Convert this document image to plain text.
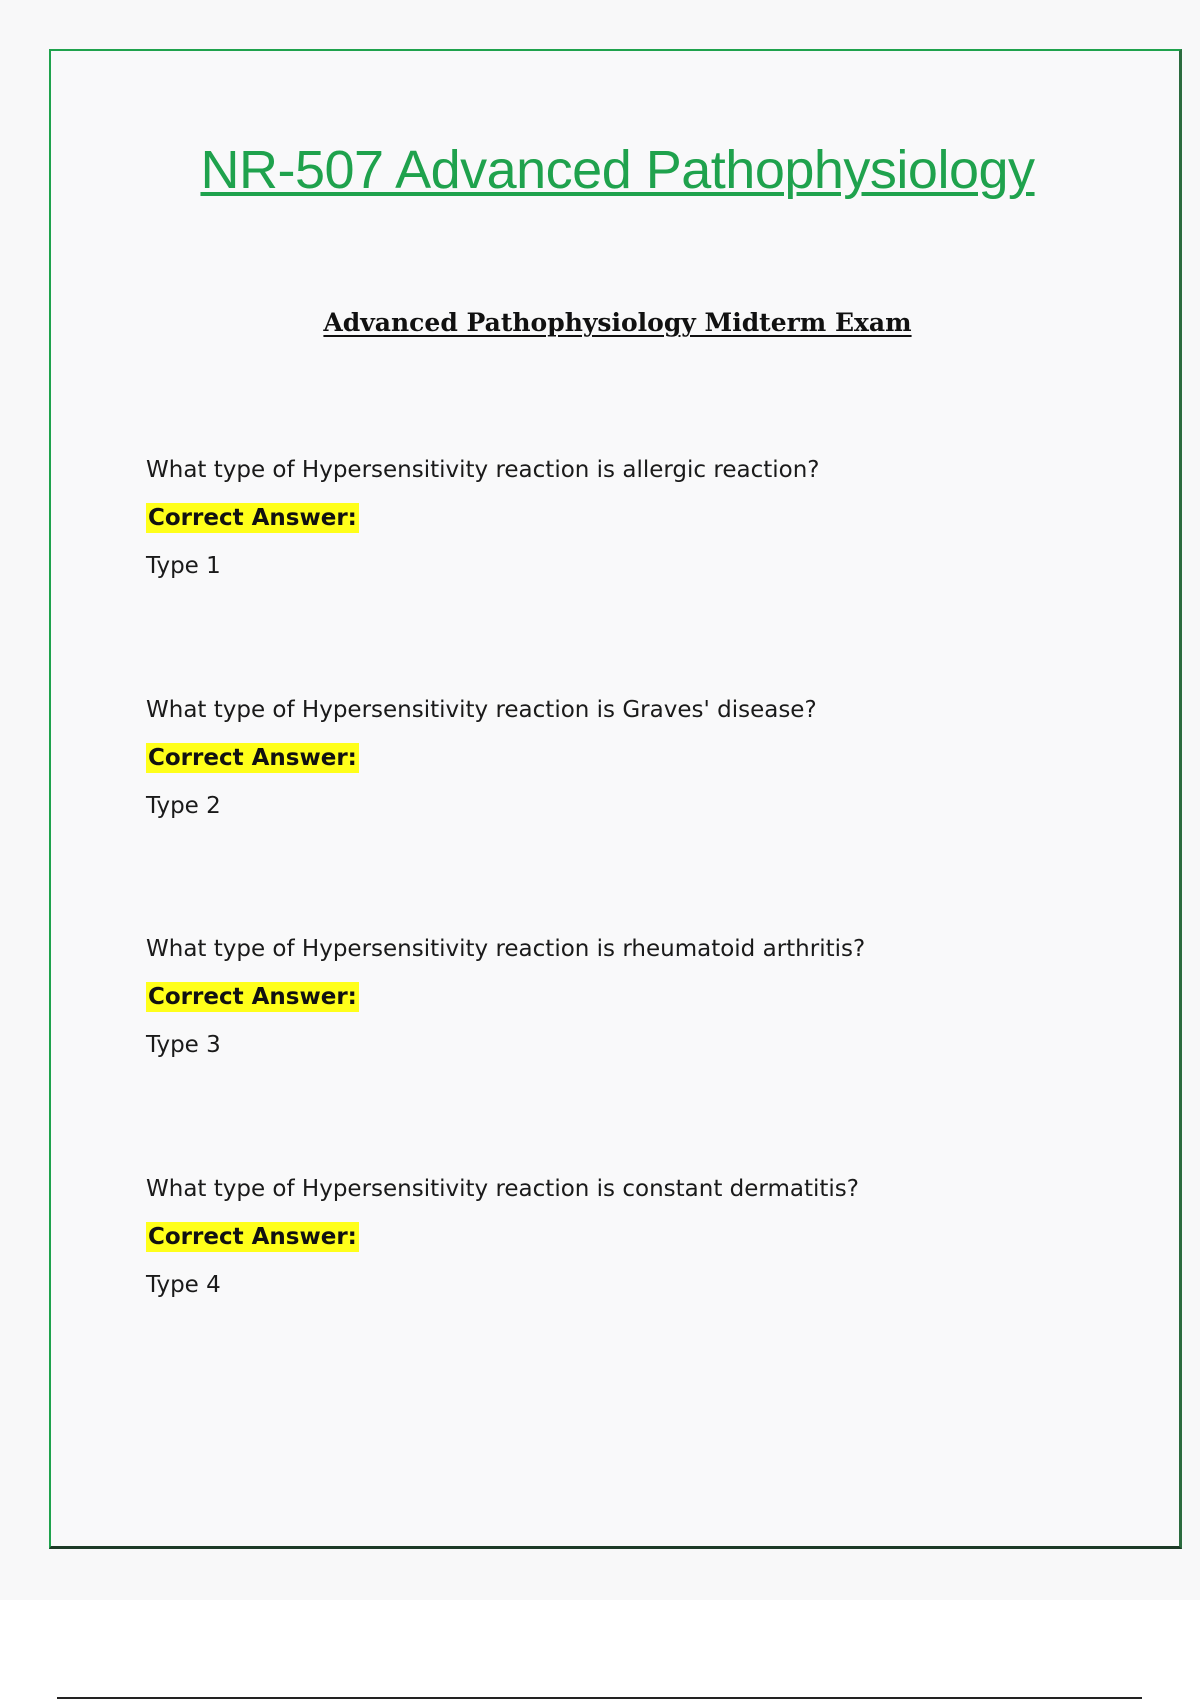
NR-507 Advanced Pathophysiology
Advanced Pathophysiology Midterm Exam
What type of Hypersensitivity reaction is allergic reaction?
Correct Answer:
Type 1
What type of Hypersensitivity reaction is Graves' disease?
Correct Answer:
Type 2
What type of Hypersensitivity reaction is rheumatoid arthritis?
Correct Answer:
Type 3
What type of Hypersensitivity reaction is constant dermatitis?
Correct Answer:
Type 4
